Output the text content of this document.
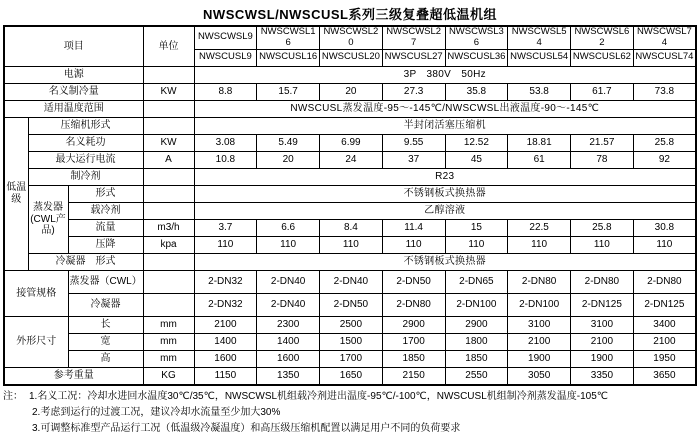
NWSCWSL/NWSCUSL系列三级复叠超低温机组
项目			单位	NWSCWSL9	NWSCWSL16	NWSCWSL20	NWSCWSL27	NWSCWSL36	NWSCWSL54	NWSCWSL62	NWSCWSL74
				NWSCUSL9	NWSCUSL16	NWSCUSL20	NWSCUSL27	NWSCUSL36	NWSCUSL54	NWSCUSL62	NWSCUSL74
电源				3P　380V　50Hz							
名义制冷量			KW	8.8	15.7	20	27.3	35.8	53.8	61.7	73.8
适用温度范围				NWSCUSL蒸发温度-95～-145℃/NWSCWSL出液温度-90～-145℃							
低温级	压缩机形式			半封闭活塞压缩机							
	名义耗功		KW	3.08	5.49	6.99	9.55	12.52	18.81	21.57	25.8
	最大运行电流		A	10.8	20	24	37	45	61	78	92
	制冷剂			R23							
	蒸发器(CWL产品)	形式		不锈钢板式换热器							
		载冷剂		乙醇溶液							
		流量	m3/h	3.7	6.6	8.4	11.4	15	22.5	25.8	30.8
		压降	kpa	110	110	110	110	110	110	110	110
	冷凝器　形式			不锈钢板式换热器							
接管规格		蒸发器（CWL）		2-DN32	2-DN40	2-DN40	2-DN50	2-DN65	2-DN80	2-DN80	2-DN80
		冷凝器		2-DN32	2-DN40	2-DN50	2-DN80	2-DN100	2-DN100	2-DN125	2-DN125
外形尺寸		长	mm	2100	2300	2500	2900	2900	3100	3100	3400
		宽	mm	1400	1400	1500	1700	1800	2100	2100	2100
		高	mm	1600	1600	1700	1850	1850	1900	1900	1950
参考重量			KG	1150	1350	1650	2150	2550	3050	3350	3650
注： 1.名义工况：冷却水进回水温度30℃/35℃，NWSCWSL机组载冷剂进出温度-95℃/-100℃，NWSCUSL机组制冷剂蒸发温度-105℃
2.考虑到运行的过渡工况，建议冷却水流量至少加大30%
3.可调整标准型产品运行工况（低温级冷凝温度）和高压级压缩机配置以满足用户不同的负荷要求
